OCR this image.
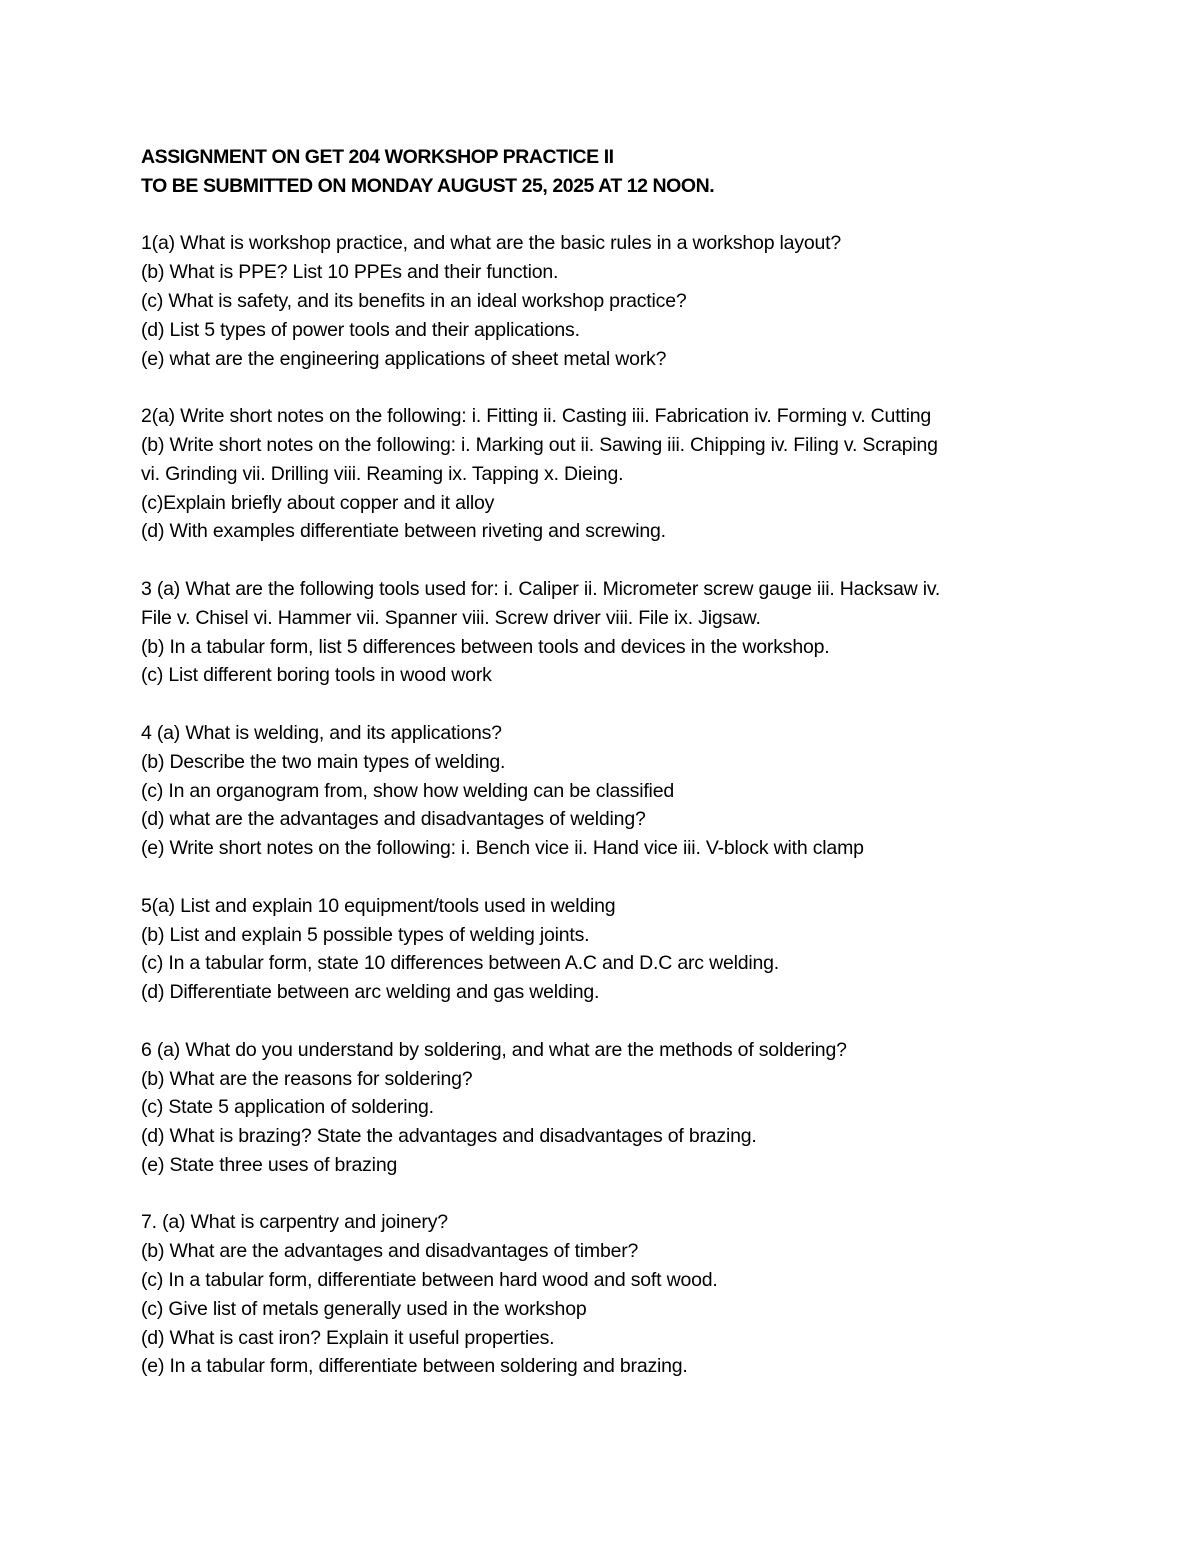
ASSIGNMENT ON GET 204 WORKSHOP PRACTICE II
TO BE SUBMITTED ON MONDAY AUGUST 25, 2025 AT 12 NOON.
1(a) What is workshop practice, and what are the basic rules in a workshop layout?
(b) What is PPE? List 10 PPEs and their function.
(c) What is safety, and its benefits in an ideal workshop practice?
(d) List 5 types of power tools and their applications.
(e) what are the engineering applications of sheet metal work?
2(a) Write short notes on the following: i. Fitting ii. Casting iii. Fabrication iv. Forming v. Cutting
(b) Write short notes on the following: i. Marking out ii. Sawing iii. Chipping iv. Filing v. Scraping
vi. Grinding vii. Drilling viii. Reaming ix. Tapping x. Dieing.
(c)Explain briefly about copper and it alloy
(d) With examples differentiate between riveting and screwing.
3 (a) What are the following tools used for: i. Caliper ii. Micrometer screw gauge iii. Hacksaw iv.
File v. Chisel vi. Hammer vii. Spanner viii. Screw driver viii. File ix. Jigsaw.
(b) In a tabular form, list 5 differences between tools and devices in the workshop.
(c) List different boring tools in wood work
4 (a) What is welding, and its applications?
(b) Describe the two main types of welding.
(c) In an organogram from, show how welding can be classified
(d) what are the advantages and disadvantages of welding?
(e) Write short notes on the following: i. Bench vice ii. Hand vice iii. V-block with clamp
5(a) List and explain 10 equipment/tools used in welding
(b) List and explain 5 possible types of welding joints.
(c) In a tabular form, state 10 differences between A.C and D.C arc welding.
(d) Differentiate between arc welding and gas welding.
6 (a) What do you understand by soldering, and what are the methods of soldering?
(b) What are the reasons for soldering?
(c) State 5 application of soldering.
(d) What is brazing? State the advantages and disadvantages of brazing.
(e) State three uses of brazing
7. (a) What is carpentry and joinery?
(b) What are the advantages and disadvantages of timber?
(c) In a tabular form, differentiate between hard wood and soft wood.
(c) Give list of metals generally used in the workshop
(d) What is cast iron? Explain it useful properties.
(e) In a tabular form, differentiate between soldering and brazing.
